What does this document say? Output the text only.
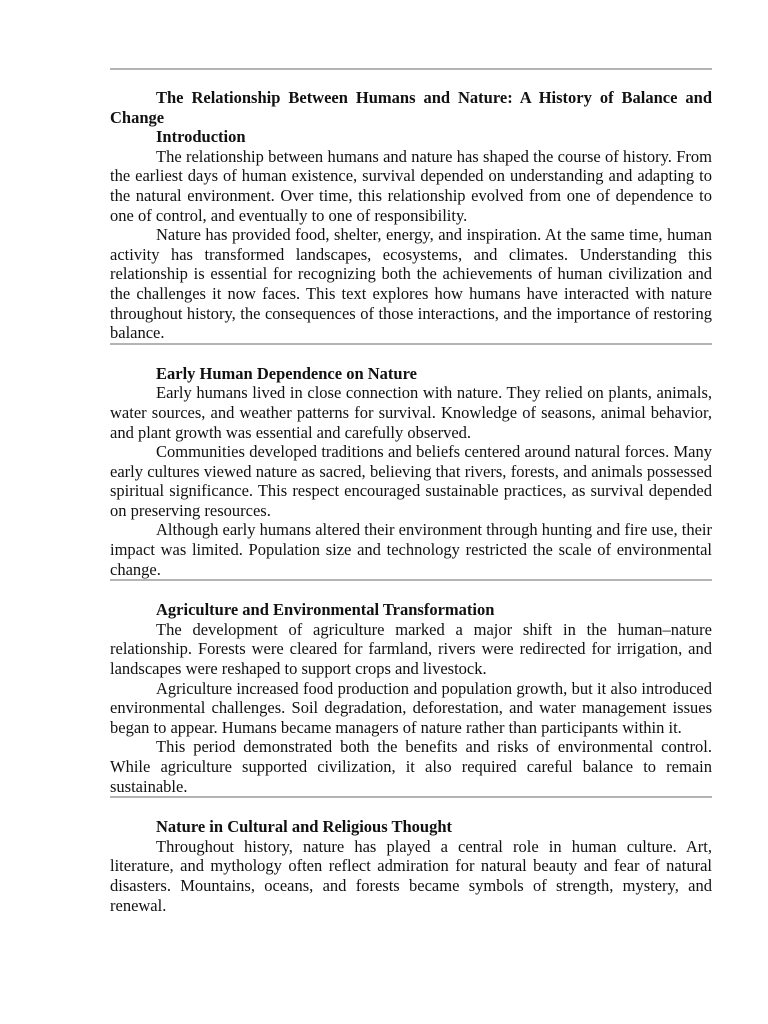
The Relationship Between Humans and Nature: A History of Balance and Change
Introduction

The relationship between humans and nature has shaped the course of history. From the earliest days of human existence, survival depended on understanding and adapting to the natural environment. Over time, this relationship evolved from one of dependence to one of control, and eventually to one of responsibility.

Nature has provided food, shelter, energy, and inspiration. At the same time, human activity has transformed landscapes, ecosystems, and climates. Understanding this relationship is essential for recognizing both the achievements of human civilization and the challenges it now faces. This text explores how humans have interacted with nature throughout history, the consequences of those interactions, and the importance of restoring balance.

Early Human Dependence on Nature

Early humans lived in close connection with nature. They relied on plants, animals, water sources, and weather patterns for survival. Knowledge of seasons, animal behavior, and plant growth was essential and carefully observed.

Communities developed traditions and beliefs centered around natural forces. Many early cultures viewed nature as sacred, believing that rivers, forests, and animals possessed spiritual significance. This respect encouraged sustainable practices, as survival depended on preserving resources.

Although early humans altered their environment through hunting and fire use, their impact was limited. Population size and technology restricted the scale of environmental change.

Agriculture and Environmental Transformation

The development of agriculture marked a major shift in the human–nature relationship. Forests were cleared for farmland, rivers were redirected for irrigation, and landscapes were reshaped to support crops and livestock.

Agriculture increased food production and population growth, but it also introduced environmental challenges. Soil degradation, deforestation, and water management issues began to appear. Humans became managers of nature rather than participants within it.

This period demonstrated both the benefits and risks of environmental control. While agriculture supported civilization, it also required careful balance to remain sustainable.

Nature in Cultural and Religious Thought

Throughout history, nature has played a central role in human culture. Art, literature, and mythology often reflect admiration for natural beauty and fear of natural disasters. Mountains, oceans, and forests became symbols of strength, mystery, and renewal.
